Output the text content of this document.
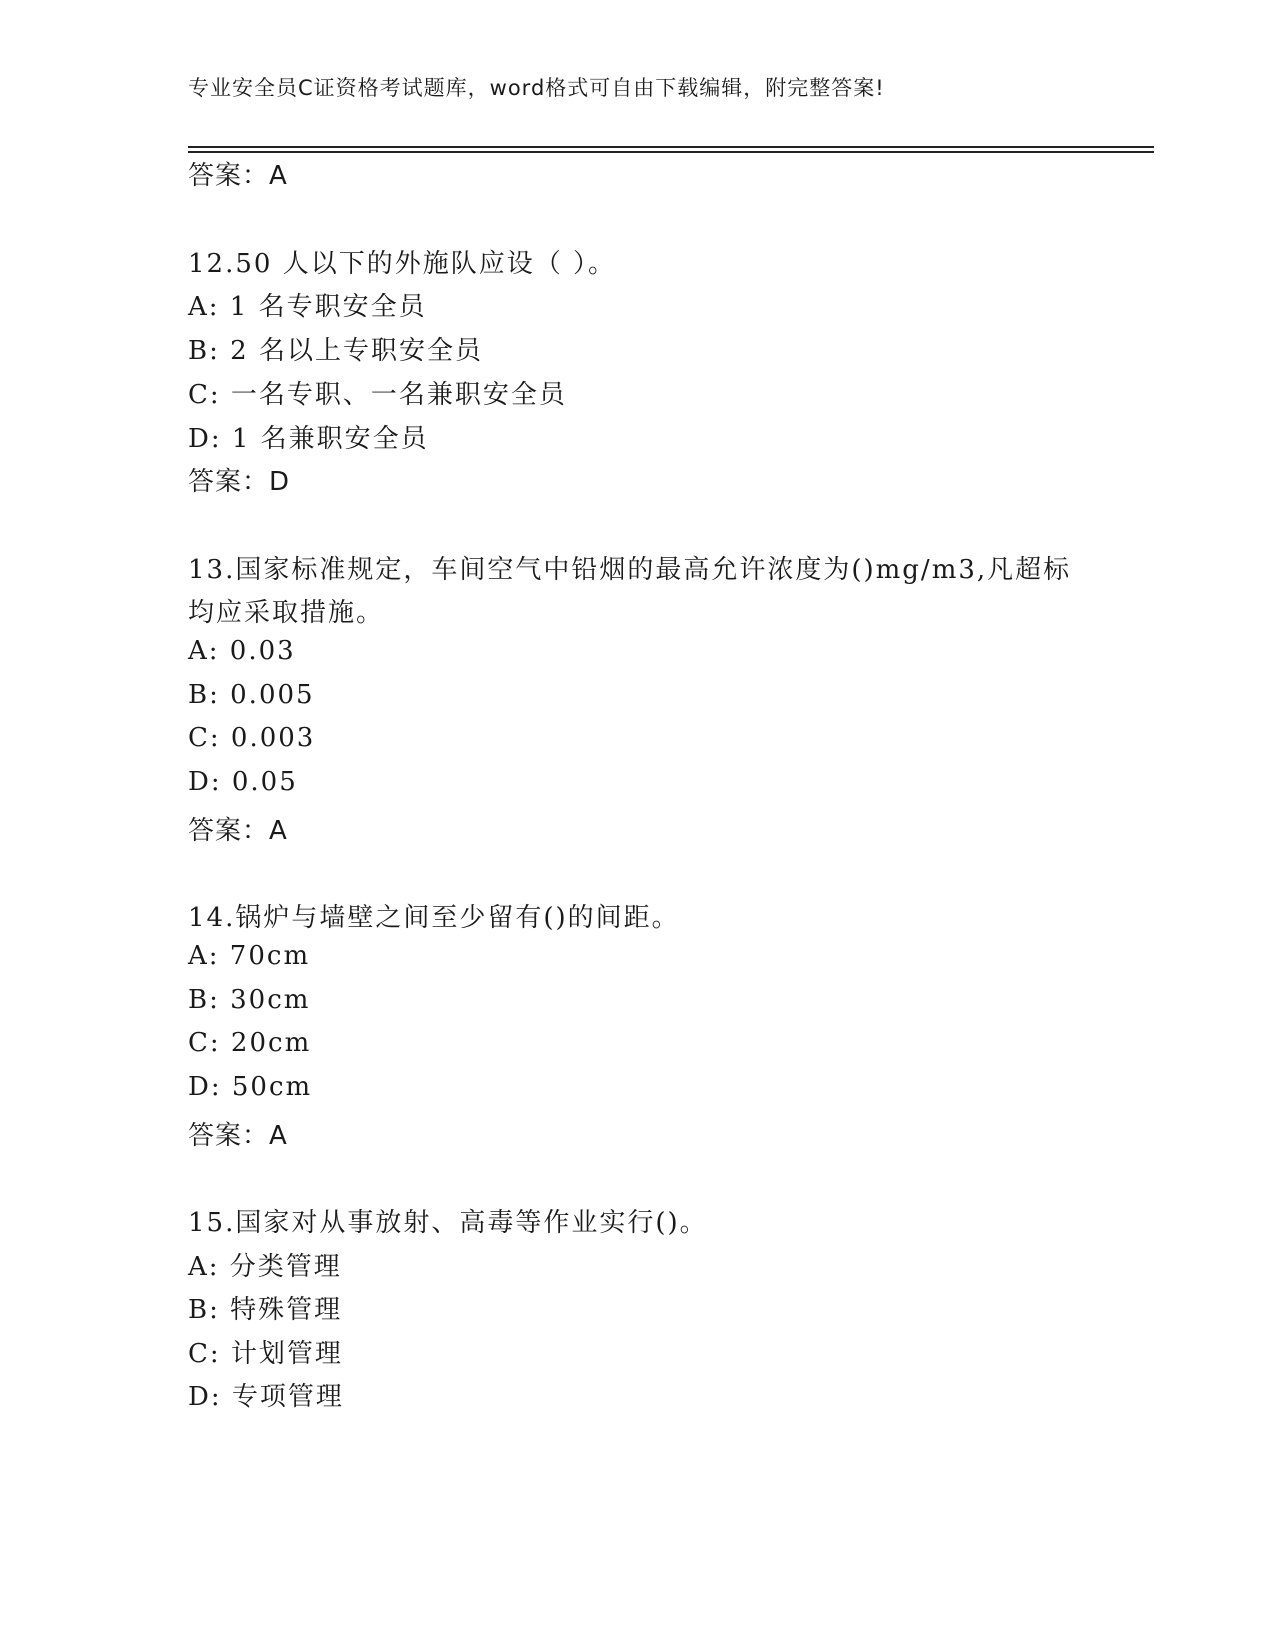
专业安全员C证资格考试题库，word格式可自由下载编辑，附完整答案!
答案：A
12.50 人以下的外施队应设（ ）。
A: 1 名专职安全员
B: 2 名以上专职安全员
C: 一名专职、一名兼职安全员
D: 1 名兼职安全员
答案：D
13.国家标准规定，车间空气中铅烟的最高允许浓度为()mg/m3,凡超标
均应采取措施。
A: 0.03
B: 0.005
C: 0.003
D: 0.05
答案：A
14.锅炉与墙壁之间至少留有()的间距。
A: 70cm
B: 30cm
C: 20cm
D: 50cm
答案：A
15.国家对从事放射、高毒等作业实行()。
A: 分类管理
B: 特殊管理
C: 计划管理
D: 专项管理
